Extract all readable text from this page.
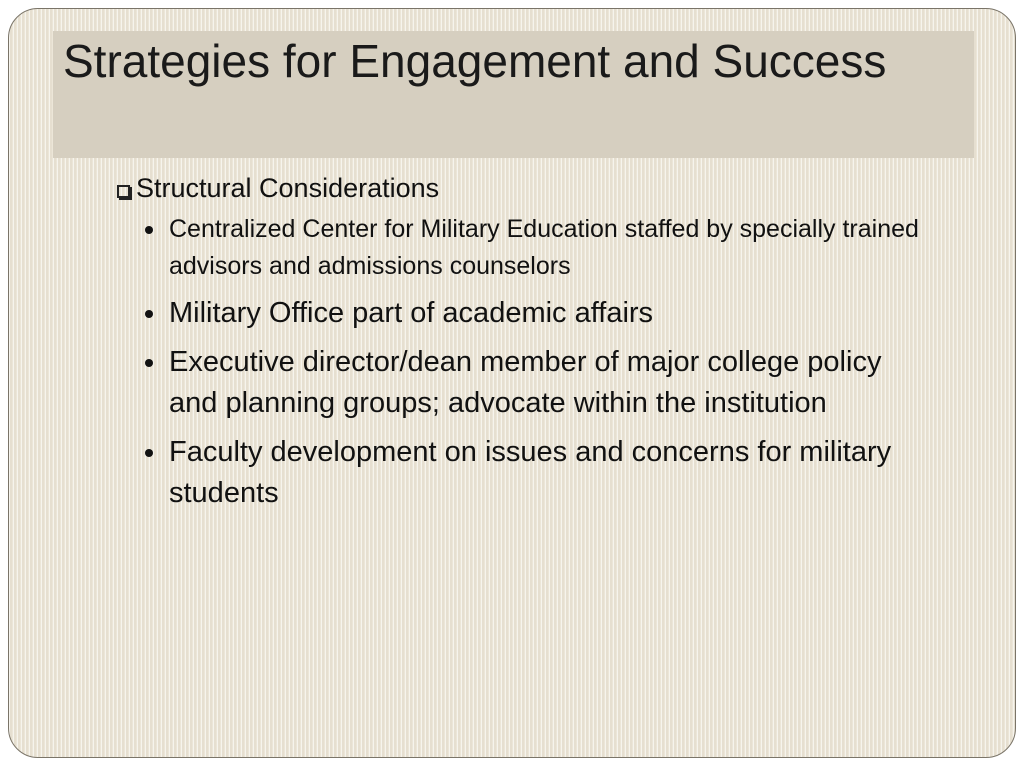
Strategies for Engagement and Success
Structural Considerations
Centralized Center for Military Education staffed by specially trained advisors and admissions counselors
Military Office part of academic affairs
Executive director/dean member of major college policy and planning groups; advocate within the institution
Faculty development on issues and concerns for military students
